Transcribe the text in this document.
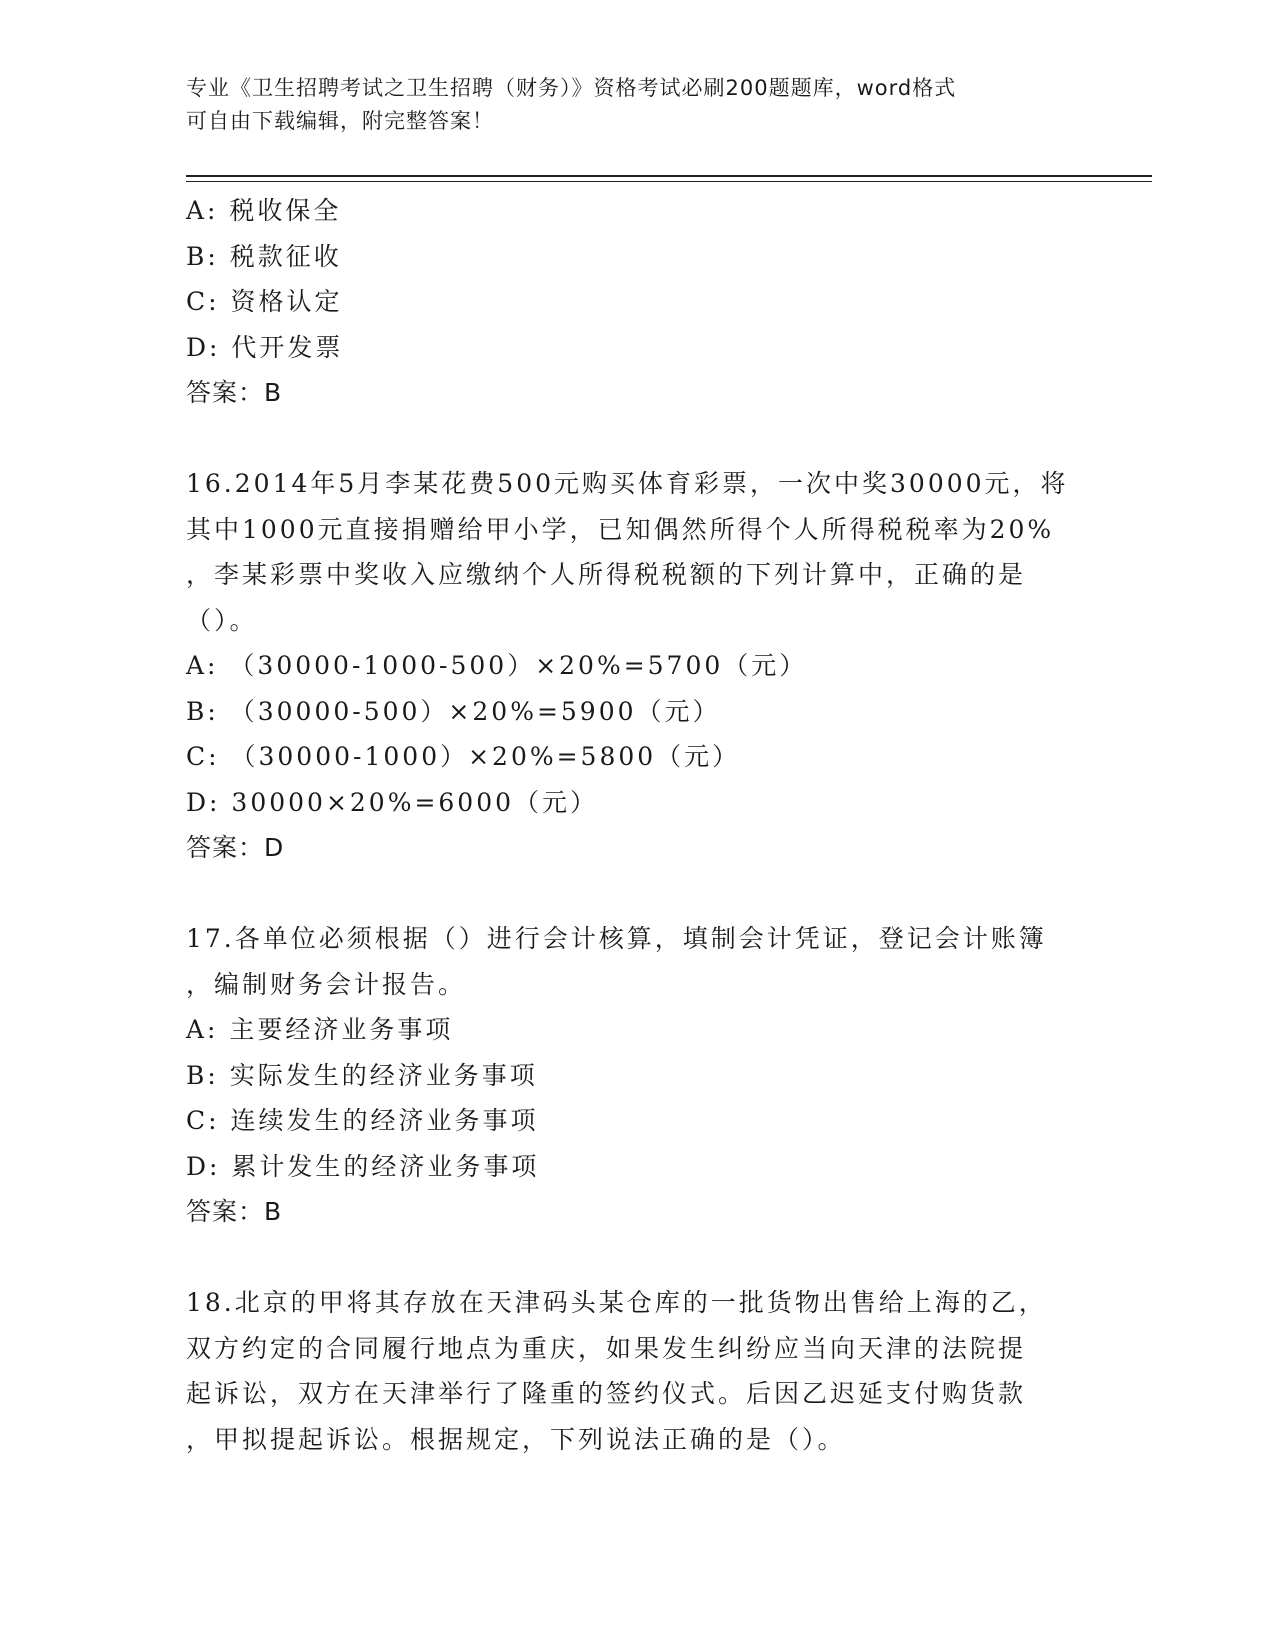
专业《卫生招聘考试之卫生招聘（财务）》资格考试必刷200题题库，word格式
可自由下载编辑，附完整答案！
A: 税收保全
B: 税款征收
C: 资格认定
D: 代开发票
答案：B
16.2014年5月李某花费500元购买体育彩票，一次中奖30000元，将
其中1000元直接捐赠给甲小学，已知偶然所得个人所得税税率为20%
，李某彩票中奖收入应缴纳个人所得税税额的下列计算中，正确的是
（）。
A: （30000-1000-500）×20%=5700（元）
B: （30000-500）×20%=5900（元）
C: （30000-1000）×20%=5800（元）
D: 30000×20%=6000（元）
答案：D
17.各单位必须根据（）进行会计核算，填制会计凭证，登记会计账簿
，编制财务会计报告。
A: 主要经济业务事项
B: 实际发生的经济业务事项
C: 连续发生的经济业务事项
D: 累计发生的经济业务事项
答案：B
18.北京的甲将其存放在天津码头某仓库的一批货物出售给上海的乙，
双方约定的合同履行地点为重庆，如果发生纠纷应当向天津的法院提
起诉讼，双方在天津举行了隆重的签约仪式。后因乙迟延支付购货款
，甲拟提起诉讼。根据规定，下列说法正确的是（）。
